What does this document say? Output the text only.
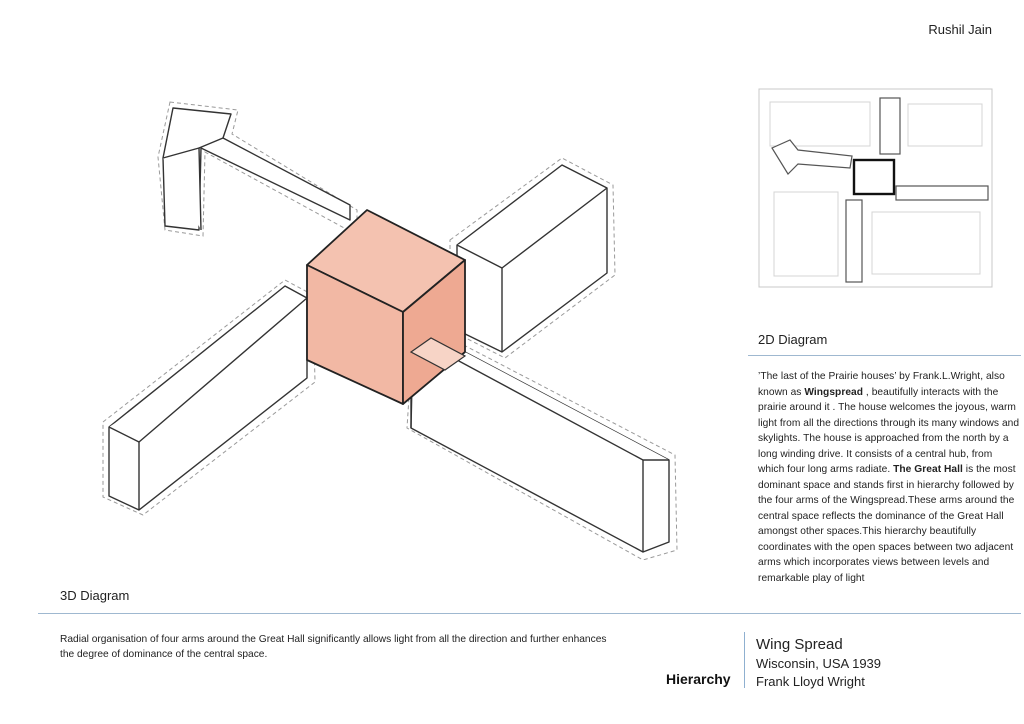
Rushil Jain
2D Diagram
’The last of the Prairie houses’ by Frank.L.Wright, also known as Wingspread , beautifully interacts with the prairie around it . The house welcomes the joyous, warm light from all the directions through its many windows and skylights. The house is approached from the north by a long winding drive. It consists of a central hub, from which four long arms radiate. The Great Hall is the most dominant space and stands first in hierarchy followed by the four arms of the Wingspread.These arms around the central space reflects the dominance of the Great Hall amongst other spaces.This hierarchy beautifully coordinates with the open spaces between two adjacent arms which incorporates views between levels and remarkable play of light
3D Diagram
Radial organisation of four arms around the Great Hall significantly allows light from all the direction and further enhances the degree of dominance of the central space.
Hierarchy
Wing Spread
Wisconsin, USA 1939
Frank Lloyd Wright
